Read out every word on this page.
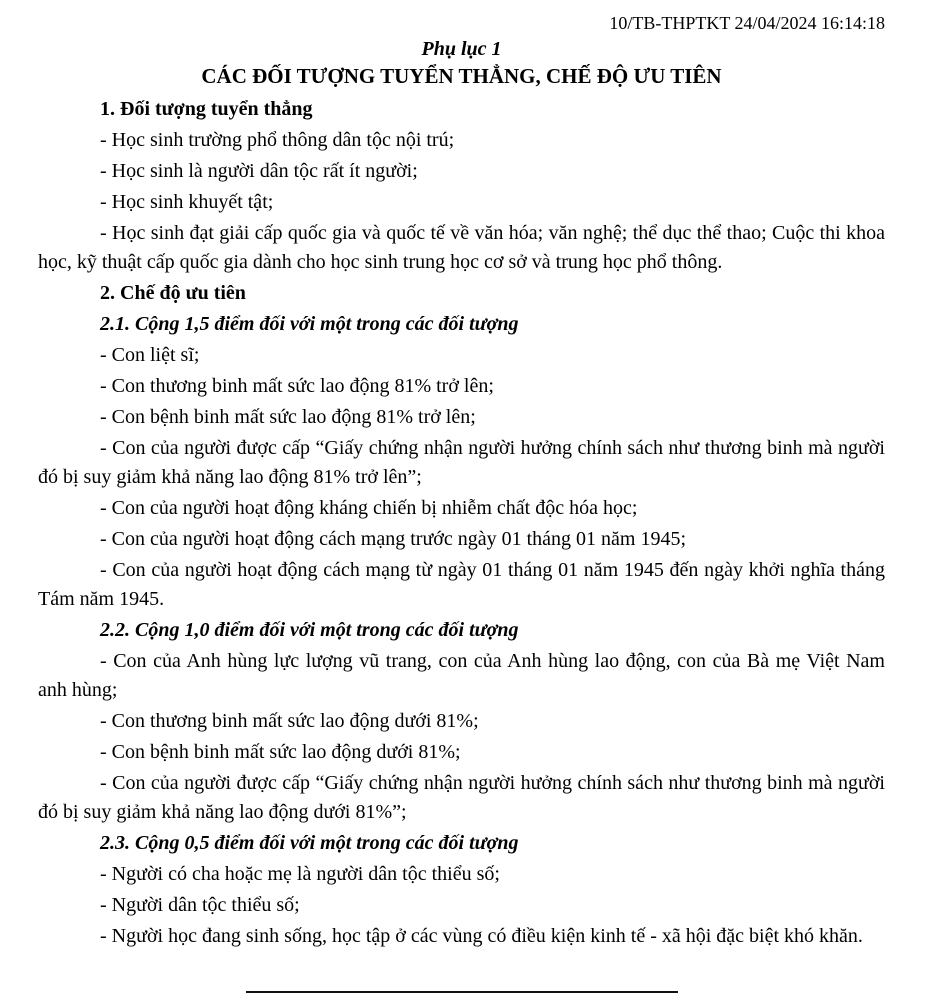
10/TB-THPTKT 24/04/2024 16:14:18
Phụ lục 1
CÁC ĐỐI TƯỢNG TUYỂN THẲNG, CHẾ ĐỘ ƯU TIÊN

1. Đối tượng tuyển thẳng

- Học sinh trường phổ thông dân tộc nội trú;

- Học sinh là người dân tộc rất ít người;

- Học sinh khuyết tật;

- Học sinh đạt giải cấp quốc gia và quốc tế về văn hóa; văn nghệ; thể dục thể thao; Cuộc thi khoa học, kỹ thuật cấp quốc gia dành cho học sinh trung học cơ sở và trung học phổ thông.

2. Chế độ ưu tiên

2.1. Cộng 1,5 điểm đối với một trong các đối tượng

- Con liệt sĩ;

- Con thương binh mất sức lao động 81% trở lên;

- Con bệnh binh mất sức lao động 81% trở lên;

- Con của người được cấp “Giấy chứng nhận người hưởng chính sách như thương binh mà người đó bị suy giảm khả năng lao động 81% trở lên”;

- Con của người hoạt động kháng chiến bị nhiễm chất độc hóa học;

- Con của người hoạt động cách mạng trước ngày 01 tháng 01 năm 1945;

- Con của người hoạt động cách mạng từ ngày 01 tháng 01 năm 1945 đến ngày khởi nghĩa tháng Tám năm 1945.

2.2. Cộng 1,0 điểm đối với một trong các đối tượng

- Con của Anh hùng lực lượng vũ trang, con của Anh hùng lao động, con của Bà mẹ Việt Nam anh hùng;

- Con thương binh mất sức lao động dưới 81%;

- Con bệnh binh mất sức lao động dưới 81%;

- Con của người được cấp “Giấy chứng nhận người hưởng chính sách như thương binh mà người đó bị suy giảm khả năng lao động dưới 81%”;

2.3. Cộng 0,5 điểm đối với một trong các đối tượng

- Người có cha hoặc mẹ là người dân tộc thiểu số;

- Người dân tộc thiểu số;

- Người học đang sinh sống, học tập ở các vùng có điều kiện kinh tế - xã hội đặc biệt khó khăn.
